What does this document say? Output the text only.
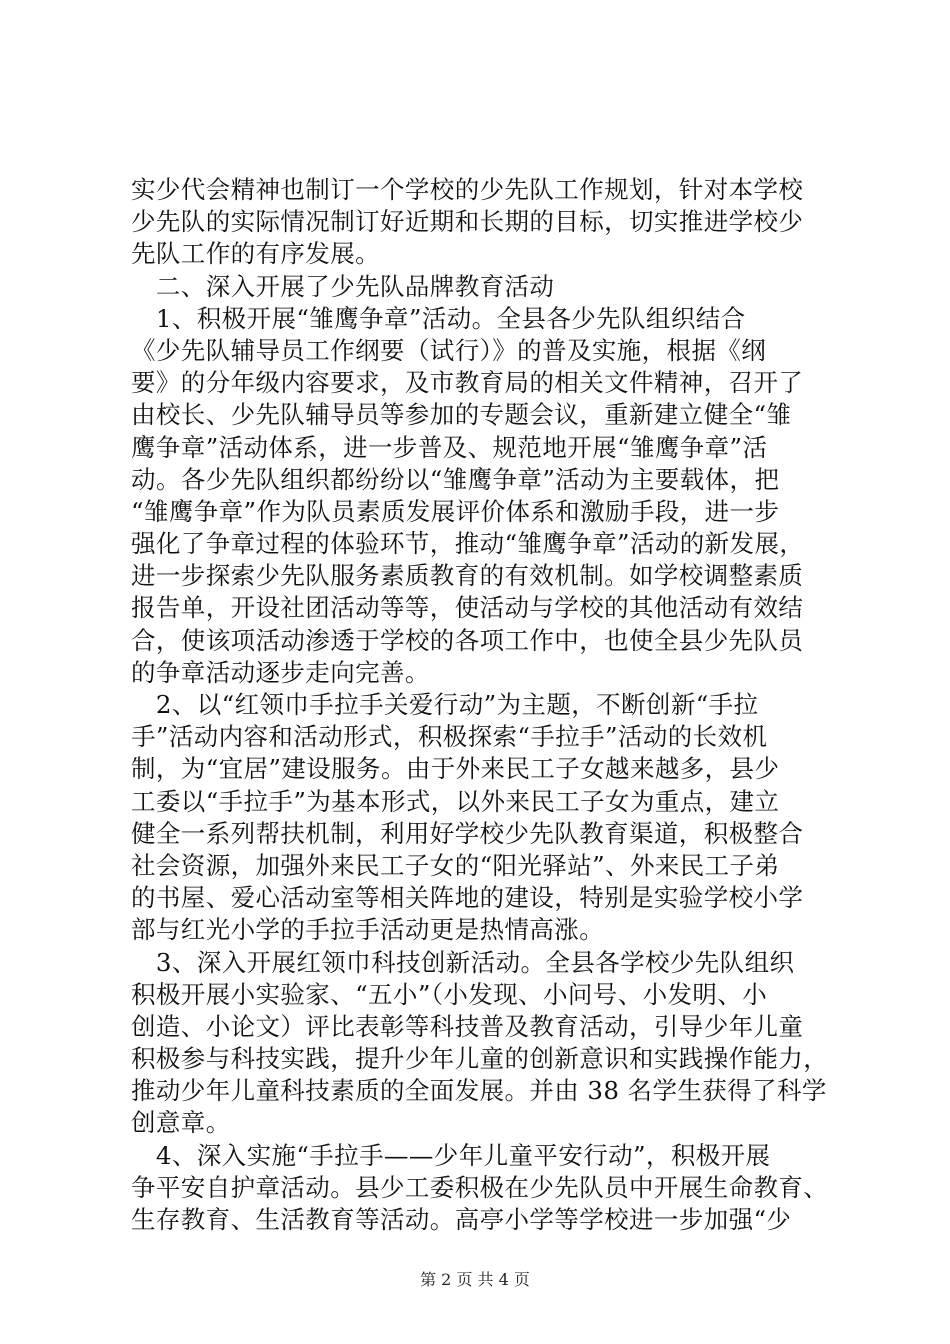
实少代会精神也制订一个学校的少先队工作规划，针对本学校
少先队的实际情况制订好近期和长期的目标，切实推进学校少
先队工作的有序发展。
　二、深入开展了少先队品牌教育活动
　1、积极开展“雏鹰争章”活动。全县各少先队组织结合
《少先队辅导员工作纲要（试行）》的普及实施，根据《纲
要》的分年级内容要求，及市教育局的相关文件精神，召开了
由校长、少先队辅导员等参加的专题会议，重新建立健全“雏
鹰争章”活动体系，进一步普及、规范地开展“雏鹰争章”活
动。各少先队组织都纷纷以“雏鹰争章”活动为主要载体，把
“雏鹰争章”作为队员素质发展评价体系和激励手段，进一步
强化了争章过程的体验环节，推动“雏鹰争章”活动的新发展，
进一步探索少先队服务素质教育的有效机制。如学校调整素质
报告单，开设社团活动等等，使活动与学校的其他活动有效结
合，使该项活动渗透于学校的各项工作中，也使全县少先队员
的争章活动逐步走向完善。
　2、以“红领巾手拉手关爱行动”为主题，不断创新“手拉
手”活动内容和活动形式，积极探索“手拉手”活动的长效机
制，为“宜居”建设服务。由于外来民工子女越来越多，县少
工委以“手拉手”为基本形式，以外来民工子女为重点，建立
健全一系列帮扶机制，利用好学校少先队教育渠道，积极整合
社会资源，加强外来民工子女的“阳光驿站”、外来民工子弟
的书屋、爱心活动室等相关阵地的建设，特别是实验学校小学
部与红光小学的手拉手活动更是热情高涨。
　3、深入开展红领巾科技创新活动。全县各学校少先队组织
积极开展小实验家、“五小”（小发现、小问号、小发明、小
创造、小论文）评比表彰等科技普及教育活动，引导少年儿童
积极参与科技实践，提升少年儿童的创新意识和实践操作能力，
推动少年儿童科技素质的全面发展。并由 38 名学生获得了科学
创意章。
　4、深入实施“手拉手——少年儿童平安行动”，积极开展
争平安自护章活动。县少工委积极在少先队员中开展生命教育、
生存教育、生活教育等活动。高亭小学等学校进一步加强“少
第 2 页 共 4 页
